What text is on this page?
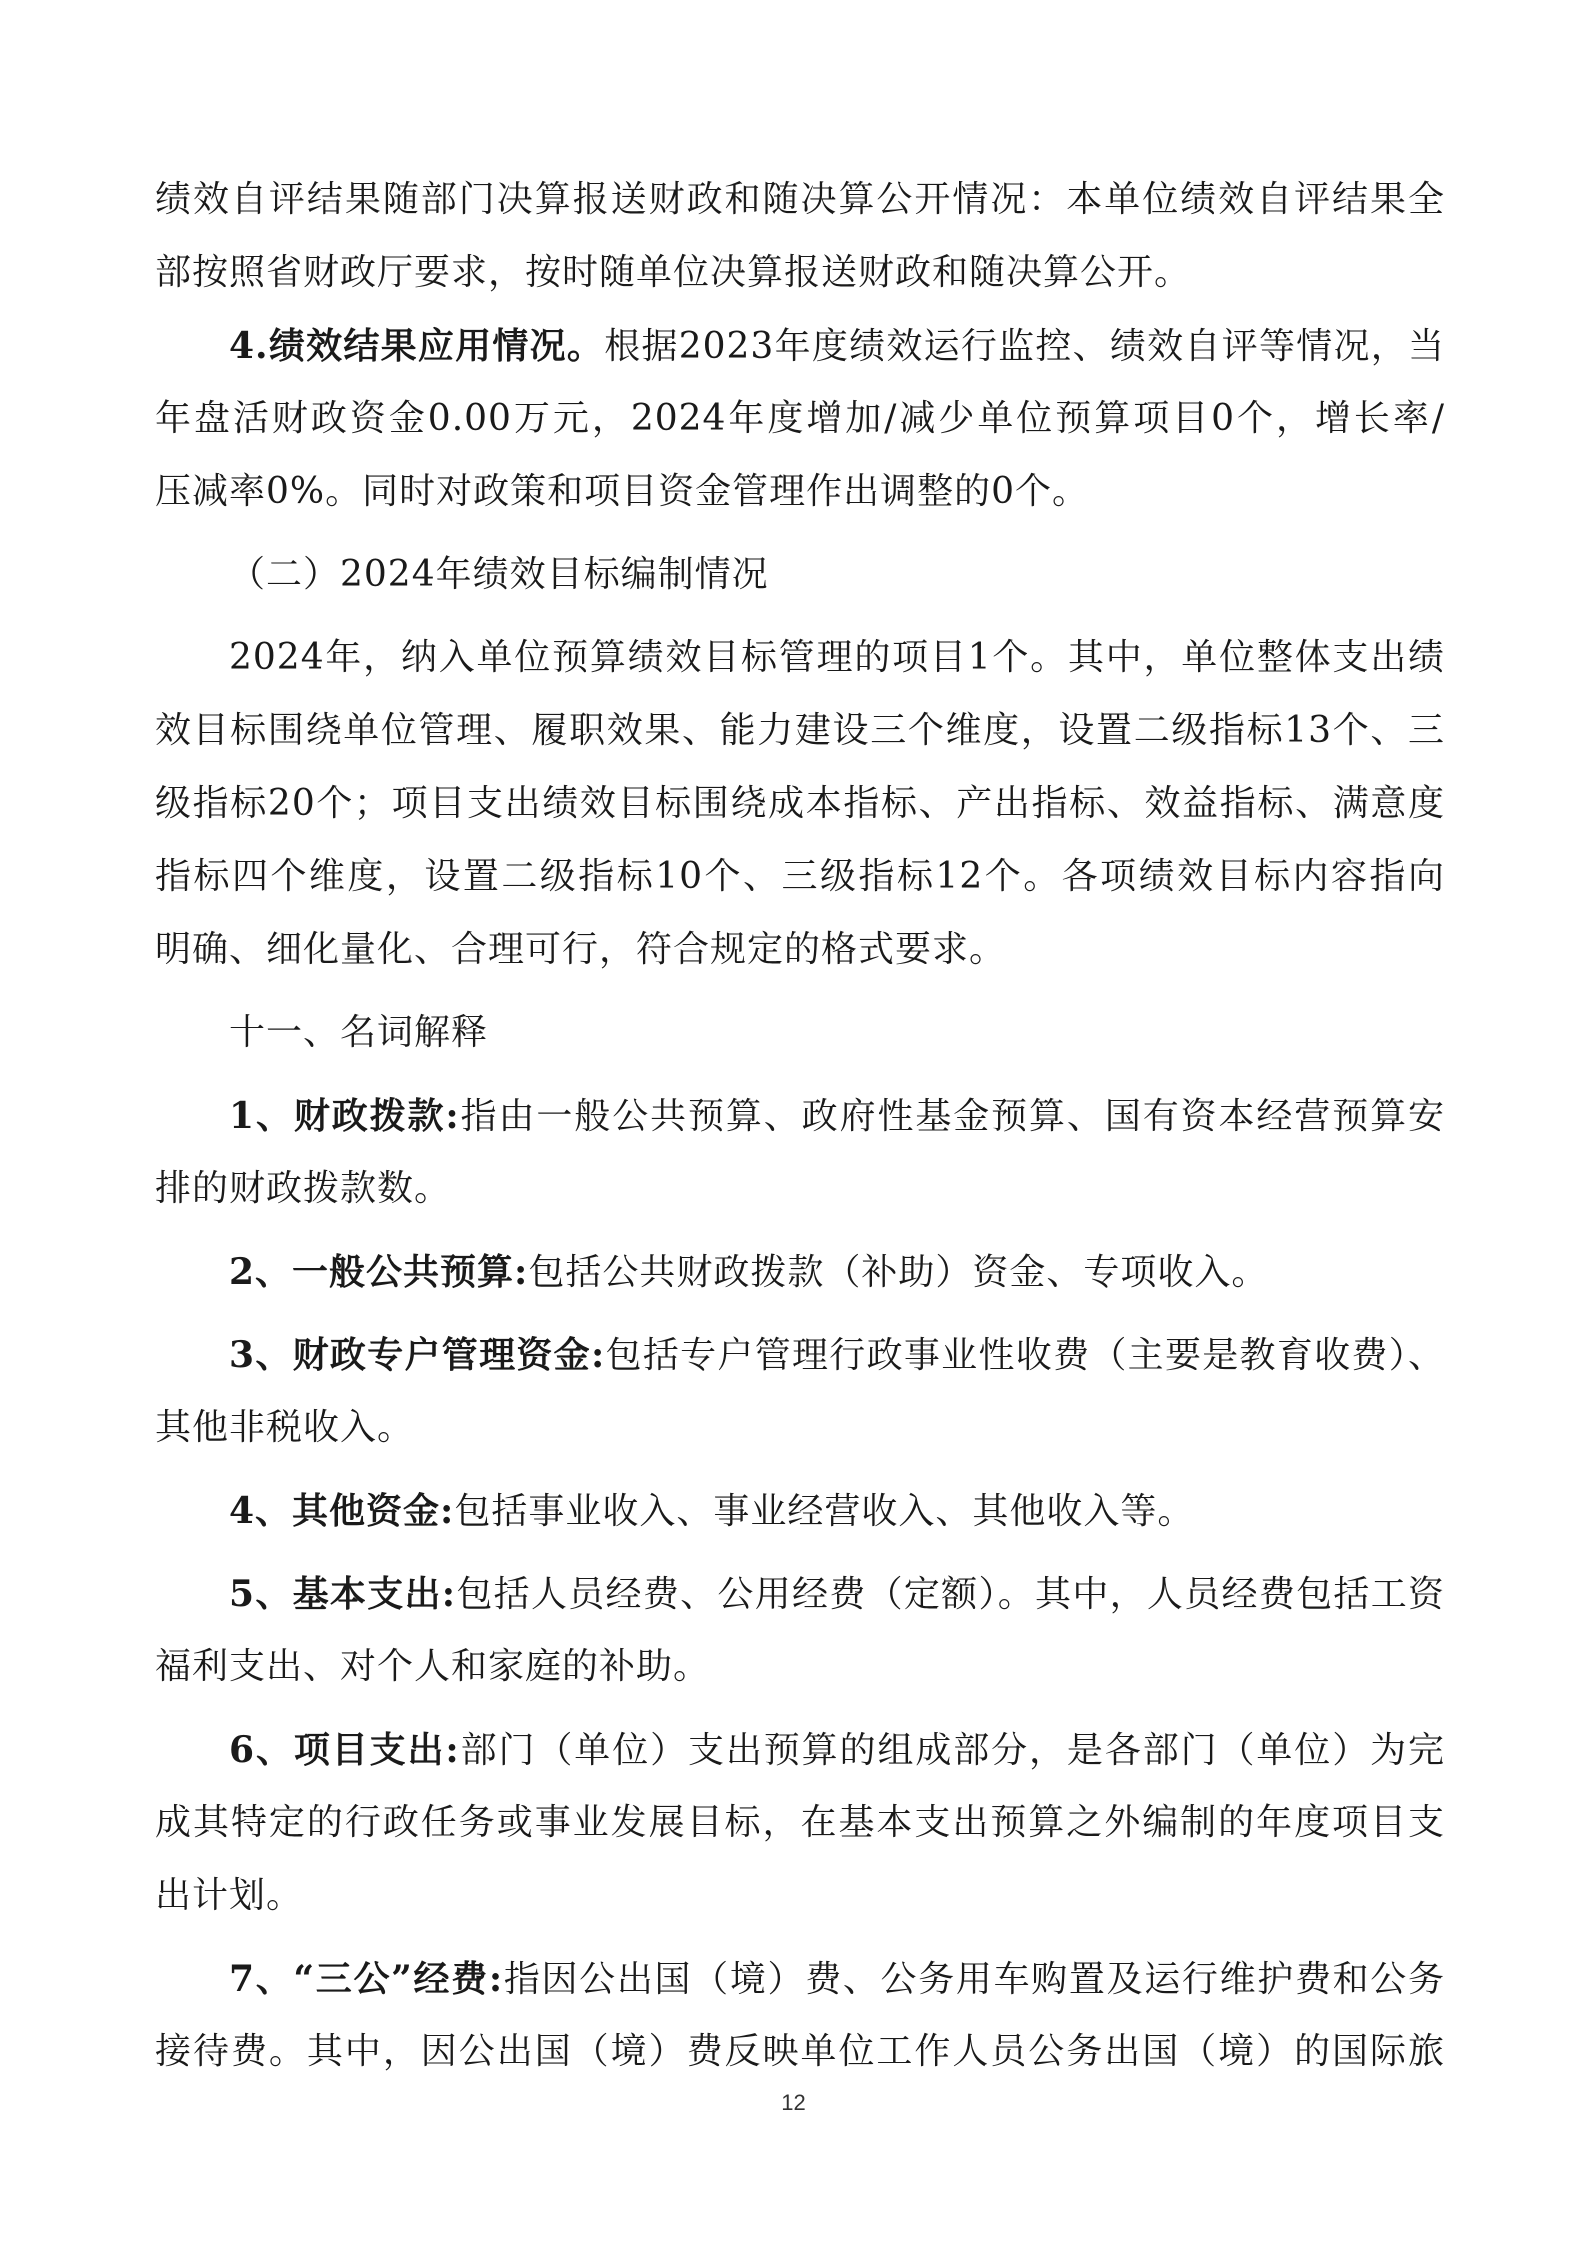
绩效自评结果随部门决算报送财政和随决算公开情况：本单位绩效自评结果全
部按照省财政厅要求，按时随单位决算报送财政和随决算公开。
4.绩效结果应用情况。根据2023年度绩效运行监控、绩效自评等情况，当
年盘活财政资金0.00万元，2024年度增加/减少单位预算项目0个，增长率/
压减率0%。同时对政策和项目资金管理作出调整的0个。
（二）2024年绩效目标编制情况
2024年，纳入单位预算绩效目标管理的项目1个。其中，单位整体支出绩
效目标围绕单位管理、履职效果、能力建设三个维度，设置二级指标13个、三
级指标20个；项目支出绩效目标围绕成本指标、产出指标、效益指标、满意度
指标四个维度，设置二级指标10个、三级指标12个。各项绩效目标内容指向
明确、细化量化、合理可行，符合规定的格式要求。
十一、名词解释
1、财政拨款:指由一般公共预算、政府性基金预算、国有资本经营预算安
排的财政拨款数。
2、一般公共预算:包括公共财政拨款（补助）资金、专项收入。
3、财政专户管理资金:包括专户管理行政事业性收费（主要是教育收费）、
其他非税收入。
4、其他资金:包括事业收入、事业经营收入、其他收入等。
5、基本支出:包括人员经费、公用经费（定额）。其中，人员经费包括工资
福利支出、对个人和家庭的补助。
6、项目支出:部门（单位）支出预算的组成部分，是各部门（单位）为完
成其特定的行政任务或事业发展目标，在基本支出预算之外编制的年度项目支
出计划。
7、“三公”经费:指因公出国（境）费、公务用车购置及运行维护费和公务
接待费。其中，因公出国（境）费反映单位工作人员公务出国（境）的国际旅
12
